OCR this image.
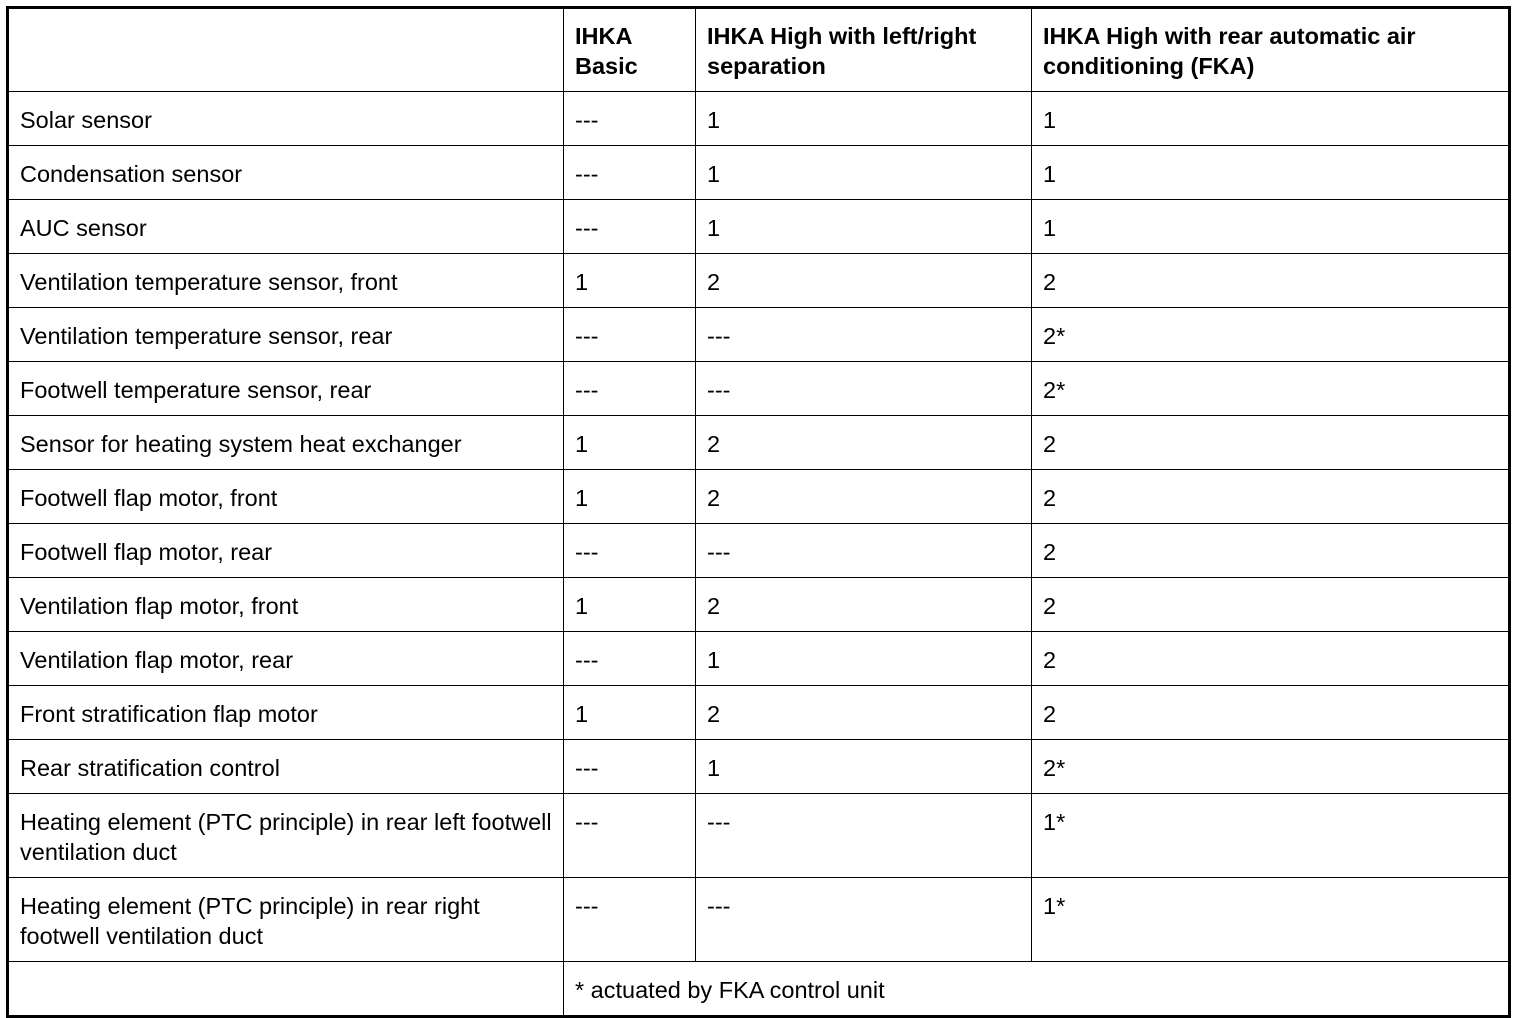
	IHKA Basic	IHKA High with left/right separation	IHKA High with rear automatic air conditioning (FKA)
Solar sensor	---	1	1
Condensation sensor	---	1	1
AUC sensor	---	1	1
Ventilation temperature sensor, front	1	2	2
Ventilation temperature sensor, rear	---	---	2*
Footwell temperature sensor, rear	---	---	2*
Sensor for heating system heat exchanger	1	2	2
Footwell flap motor, front	1	2	2
Footwell flap motor, rear	---	---	2
Ventilation flap motor, front	1	2	2
Ventilation flap motor, rear	---	1	2
Front stratification flap motor	1	2	2
Rear stratification control	---	1	2*
Heating element (PTC principle) in rear left footwell ventilation duct	---	---	1*
Heating element (PTC principle) in rear right footwell ventilation duct	---	---	1*
	* actuated by FKA control unit		
